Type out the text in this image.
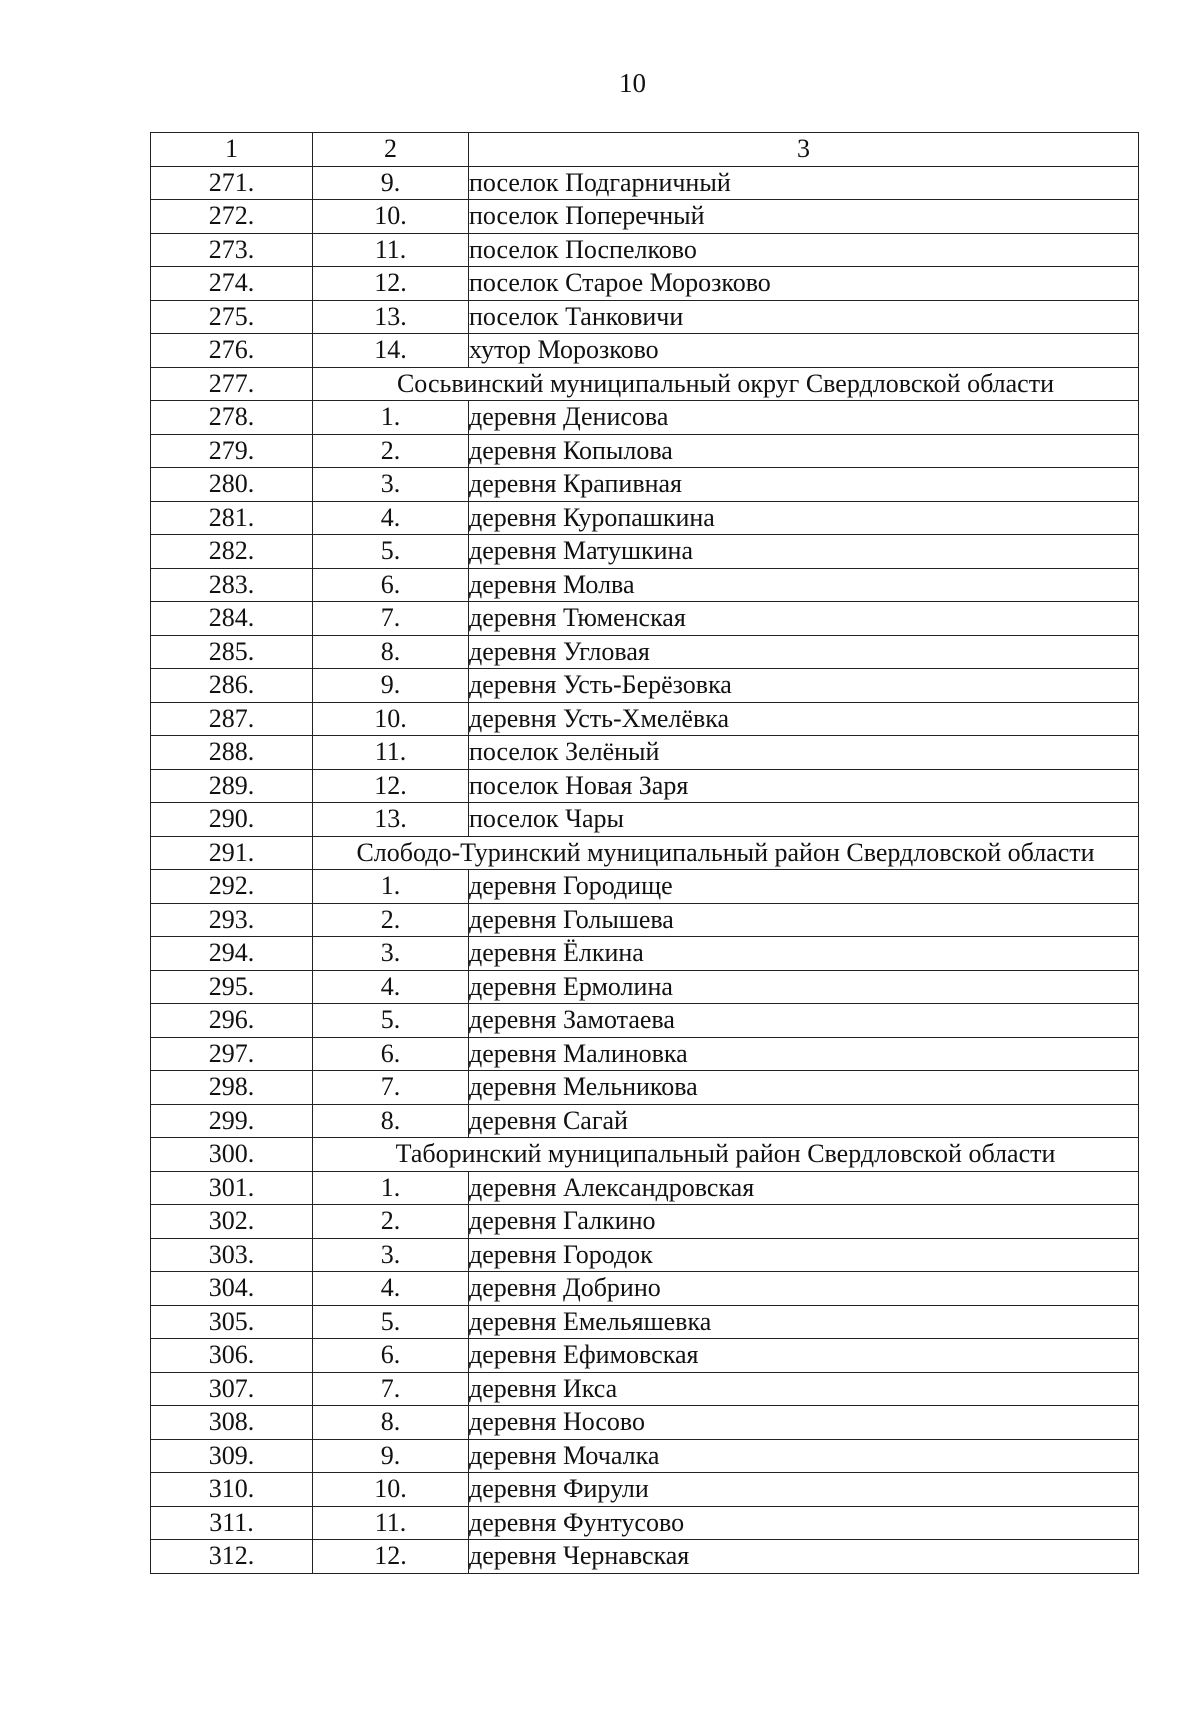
10
1	2	3
271.	9.	поселок Подгарничный
272.	10.	поселок Поперечный
273.	11.	поселок Поспелково
274.	12.	поселок Старое Морозково
275.	13.	поселок Танковичи
276.	14.	хутор Морозково
277.	Сосьвинский муниципальный округ Свердловской области	
278.	1.	деревня Денисова
279.	2.	деревня Копылова
280.	3.	деревня Крапивная
281.	4.	деревня Куропашкина
282.	5.	деревня Матушкина
283.	6.	деревня Молва
284.	7.	деревня Тюменская
285.	8.	деревня Угловая
286.	9.	деревня Усть-Берёзовка
287.	10.	деревня Усть-Хмелёвка
288.	11.	поселок Зелёный
289.	12.	поселок Новая Заря
290.	13.	поселок Чары
291.	Слободо-Туринский муниципальный район Свердловской области	
292.	1.	деревня Городище
293.	2.	деревня Голышева
294.	3.	деревня Ёлкина
295.	4.	деревня Ермолина
296.	5.	деревня Замотаева
297.	6.	деревня Малиновка
298.	7.	деревня Мельникова
299.	8.	деревня Сагай
300.	Таборинский муниципальный район Свердловской области	
301.	1.	деревня Александровская
302.	2.	деревня Галкино
303.	3.	деревня Городок
304.	4.	деревня Добрино
305.	5.	деревня Емельяшевка
306.	6.	деревня Ефимовская
307.	7.	деревня Икса
308.	8.	деревня Носово
309.	9.	деревня Мочалка
310.	10.	деревня Фирули
311.	11.	деревня Фунтусово
312.	12.	деревня Чернавская
